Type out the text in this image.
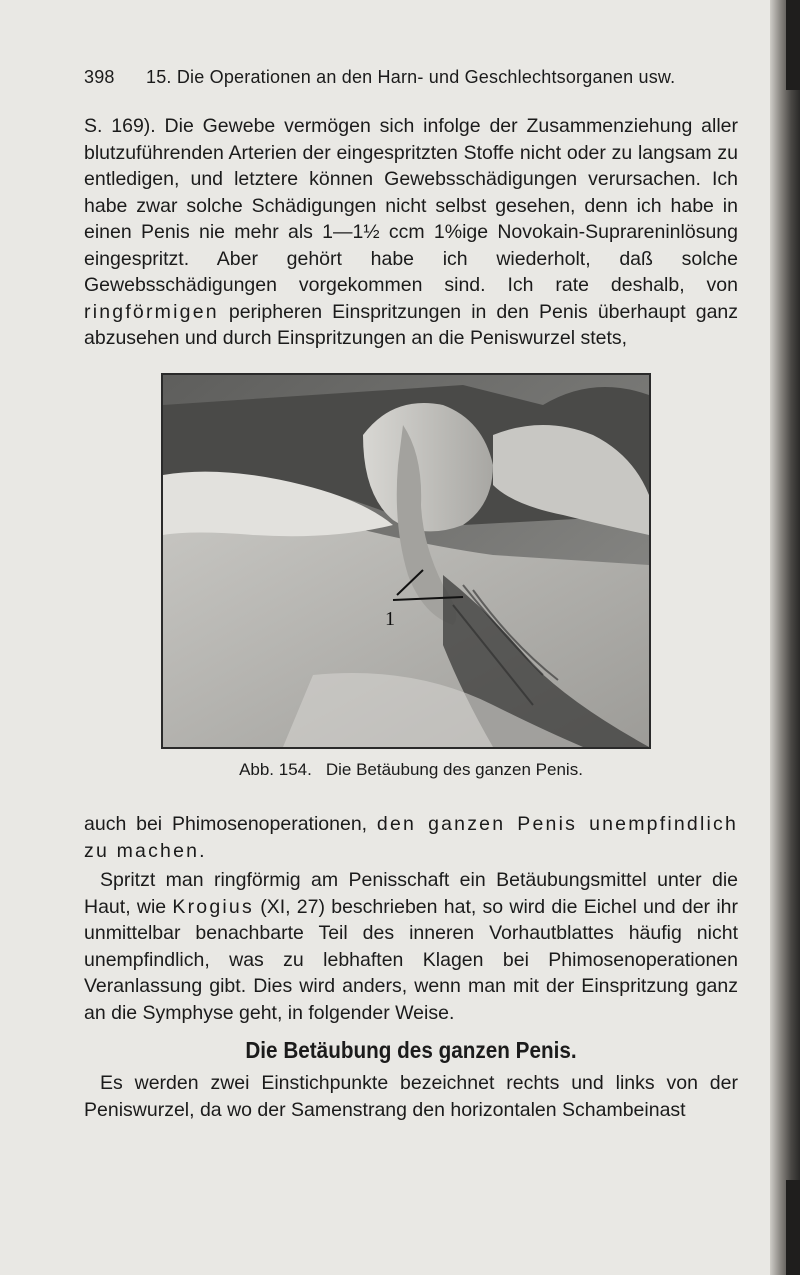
398 15. Die Operationen an den Harn- und Geschlechtsorganen usw.

S. 169). Die Gewebe vermögen sich infolge der Zusammenziehung aller blutzuführenden Arterien der eingespritzten Stoffe nicht oder zu langsam zu entledigen, und letztere können Gewebsschädigungen verursachen. Ich habe zwar solche Schädigungen nicht selbst gesehen, denn ich habe in einen Penis nie mehr als 1—1½ ccm 1%ige Novokain-Suprareninlösung eingespritzt. Aber gehört habe ich wiederholt, daß solche Gewebsschädigungen vorgekommen sind. Ich rate deshalb, von ringförmigen peripheren Einspritzungen in den Penis überhaupt ganz abzusehen und durch Einspritzungen an die Peniswurzel stets,

1

Abb. 154. Die Betäubung des ganzen Penis.

auch bei Phimosenoperationen, den ganzen Penis unempfindlich zu machen.

Spritzt man ringförmig am Penisschaft ein Betäubungsmittel unter die Haut, wie Krogius (XI, 27) beschrieben hat, so wird die Eichel und der ihr unmittelbar benachbarte Teil des inneren Vorhautblattes häufig nicht unempfindlich, was zu lebhaften Klagen bei Phimosenoperationen Veranlassung gibt. Dies wird anders, wenn man mit der Einspritzung ganz an die Symphyse geht, in folgender Weise.

Die Betäubung des ganzen Penis.

Es werden zwei Einstichpunkte bezeichnet rechts und links von der Peniswurzel, da wo der Samenstrang den horizontalen Schambeinast
